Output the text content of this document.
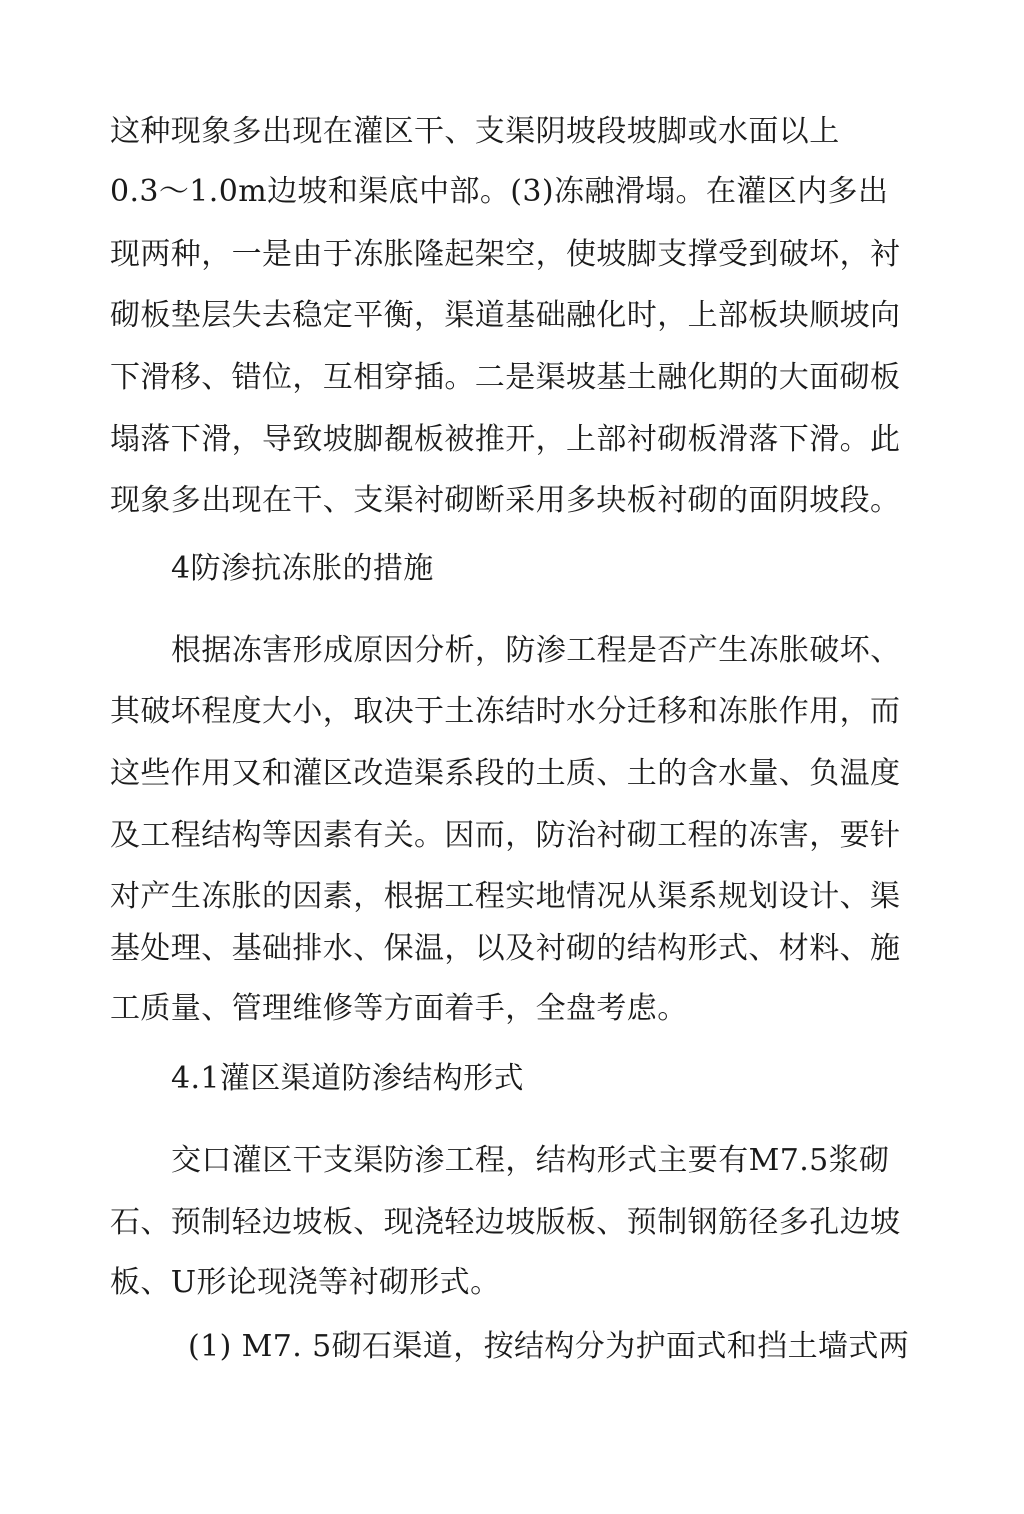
这种现象多出现在灌区干、支渠阴坡段坡脚或水面以上
0.3～1.0m边坡和渠底中部。(3)冻融滑塌。在灌区内多出
现两种，一是由于冻胀隆起架空，使坡脚支撑受到破坏，衬
砌板垫层失去稳定平衡，渠道基础融化时，上部板块顺坡向
下滑移、错位，互相穿插。二是渠坡基土融化期的大面砌板
塌落下滑，导致坡脚覩板被推开，上部衬砌板滑落下滑。此
现象多出现在干、支渠衬砌断采用多块板衬砌的面阴坡段。
4防渗抗冻胀的措施
根据冻害形成原因分析，防渗工程是否产生冻胀破坏、
其破坏程度大小，取决于土冻结时水分迁移和冻胀作用，而
这些作用又和灌区改造渠系段的土质、土的含水量、负温度
及工程结构等因素有关。因而，防治衬砌工程的冻害，要针
对产生冻胀的因素，根据工程实地情况从渠系规划设计、渠
基处理、基础排水、保温，以及衬砌的结构形式、材料、施
工质量、管理维修等方面着手，全盘考虑。
4.1灌区渠道防渗结构形式
交口灌区干支渠防渗工程，结构形式主要有M7.5浆砌
石、预制轻边坡板、现浇轻边坡版板、预制钢筋径多孔边坡
板、U形论现浇等衬砌形式。
(1) M7. 5砌石渠道，按结构分为护面式和挡土墙式两
